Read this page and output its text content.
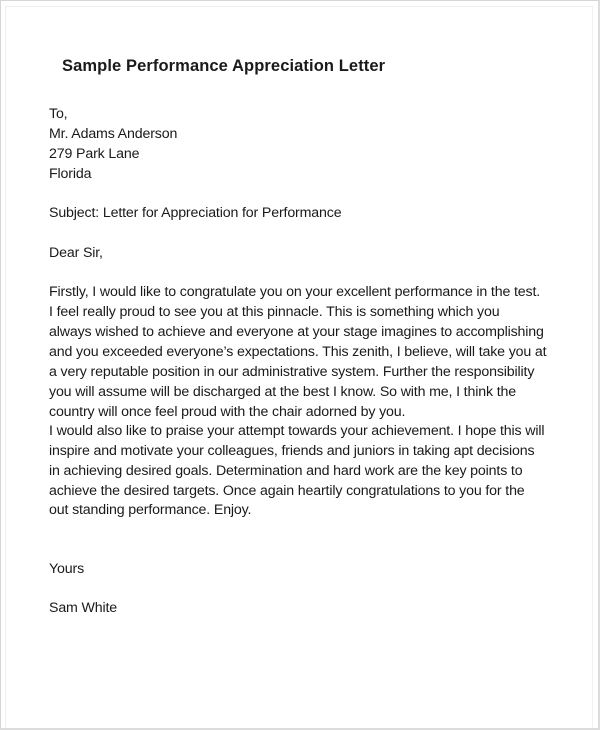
Sample Performance Appreciation Letter
To,
Mr. Adams Anderson
279 Park Lane
Florida
Subject: Letter for Appreciation for Performance
Dear Sir,
Firstly, I would like to congratulate you on your excellent performance in the test.
I feel really proud to see you at this pinnacle. This is something which you
always wished to achieve and everyone at your stage imagines to accomplishing
and you exceeded everyone’s expectations. This zenith, I believe, will take you at
a very reputable position in our administrative system. Further the responsibility
you will assume will be discharged at the best I know. So with me, I think the
country will once feel proud with the chair adorned by you.
I would also like to praise your attempt towards your achievement. I hope this will
inspire and motivate your colleagues, friends and juniors in taking apt decisions
in achieving desired goals. Determination and hard work are the key points to
achieve the desired targets. Once again heartily congratulations to you for the
out standing performance. Enjoy.
Yours
Sam White
